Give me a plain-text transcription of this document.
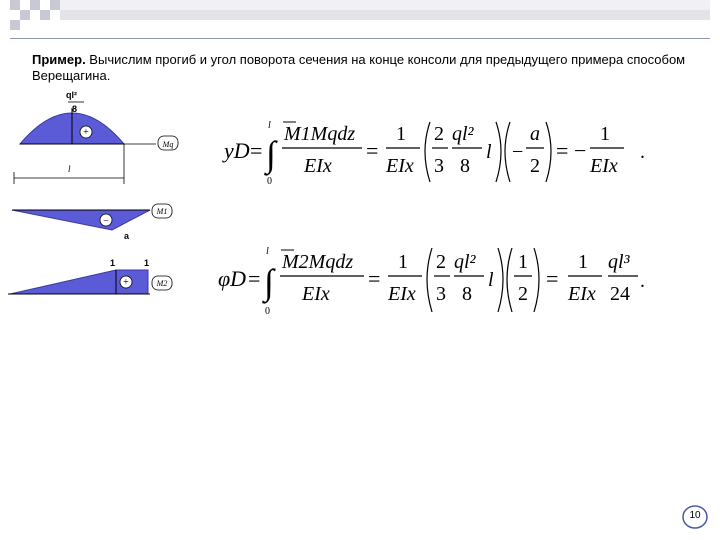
Пример. Вычислим прогиб и угол поворота сечения на конце консоли для предыдущего примера способом Верещагина.
+
ql²
8
Mq
l
−
a
M1
+
1	1
M2
yD = ∫
l
0
M1Mqdz
EIx
=
1
EIx
2
3
ql²
8
l −
a
2
= −
1
EIx
.
φD = ∫
l
0
M2Mqdz
EIx
=
1
EIx
2
3
ql²
8
l
1
2
=
1
EIx
ql³
24
.
10
